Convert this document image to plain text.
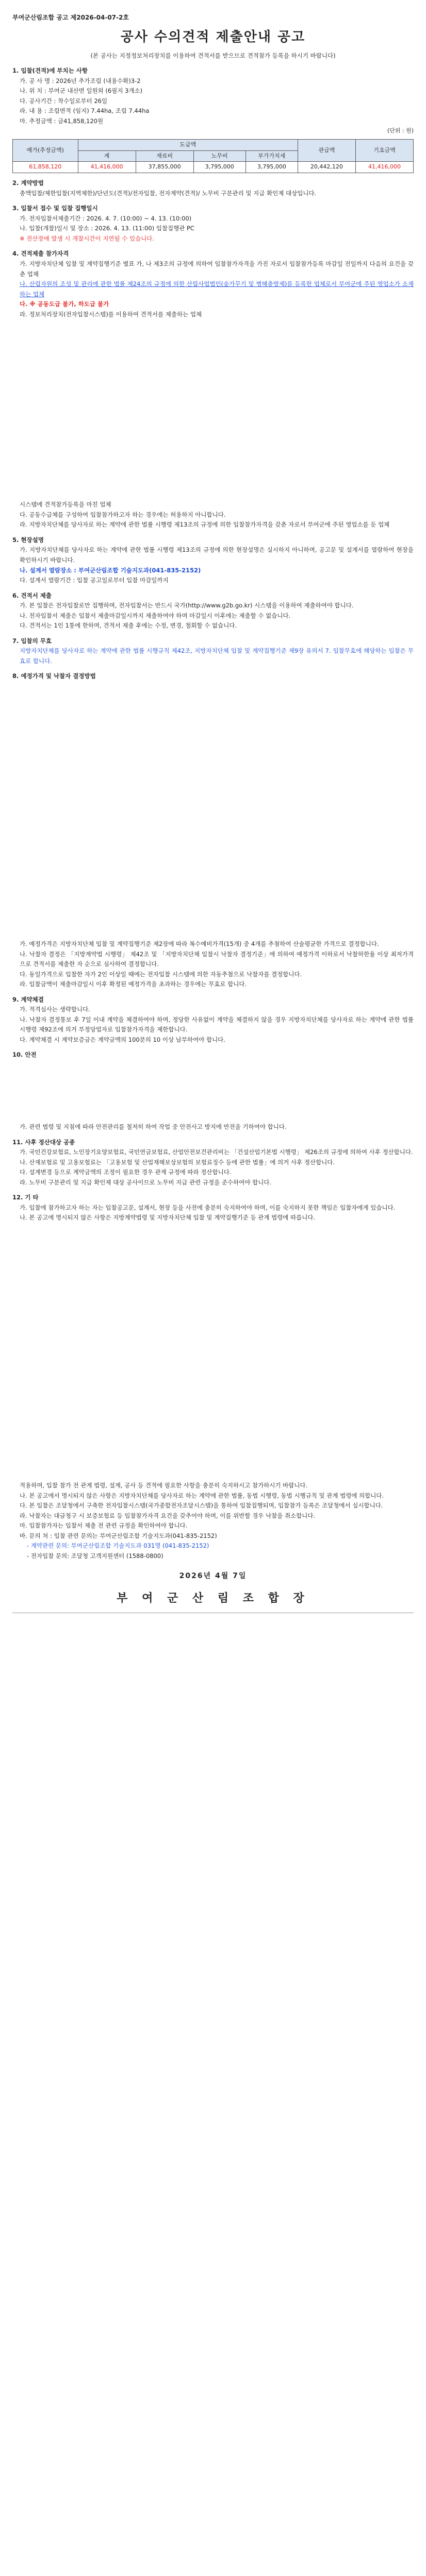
부여군산림조합 공고 제2026-04-07-2호
공사 수의견적 제출안내 공고
(본 공사는 지정정보처리장치를 이용하여 견적서를 받으므로 견적참가 등록을 하시기 바랍니다)
1. 입찰(견적)에 부치는 사항
가. 공 사 명 : 2026년 추가조림 (내용수확)3-2
나. 위 치 : 부여군 내산면 일원외 (6필지 3개소)
다. 공사기간 : 착수일로부터 26일
라. 내 용 : 조림면적 (임지) 7.44ha, 조림 7.44ha
마. 추정금액 : 금41,858,120원
(단위 : 원)
예가(추정금액)	도급액				관급액	기초금액
	계	재료비	노무비	부가가치세		
61,858,120	41,416,000	37,855,000	3,795,000	3,795,000	20,442,120	41,416,000
2. 계약방법
총액입찰/제한입찰(지역제한)/단년도(견적)/전자입찰, 전자계약(견적)/ 노무비 구분관리 및 지급 확인제 대상입니다.
3. 입찰서 접수 및 입찰 집행일시
가. 전자입찰서제출기간 : 2026. 4. 7. (10:00) ~ 4. 13. (10:00)
나. 입찰(개찰)일시 및 장소 : 2026. 4. 13. (11:00) 입찰집행관 PC
※ 전산장애 발생 시 개찰시간이 지연될 수 있습니다.
4. 견적제출 참가자격
가. 지방자치단체 입찰 및 계약집행기준 별표 가, 나 제3조의 규정에 의하여 입찰참가자격을 가진 자로서 입찰참가등록 마감일 전일까지 다음의 요건을 갖춘 업체
나. 산림자원의 조성 및 관리에 관한 법률 제24조의 규정에 의한 산림사업법인(숲가꾸기 및 병해충방제)를 등록한 업체로서 부여군에 주된 영업소가 소재하는 업체
다. ※ 공동도급 불가, 하도급 불가
라. 정보처리장치(전자입찰시스템)를 이용하여 견적서를 제출하는 업체
시스템에 견적참가등록을 마친 업체
다. 공동수급체를 구성하여 입찰참가하고자 하는 경우에는 허용하지 아니합니다.
라. 지방자치단체를 당사자로 하는 계약에 관한 법률 시행령 제13조의 규정에 의한 입찰참가자격을 갖춘 자로서 부여군에 주된 영업소를 둔 업체
5. 현장설명
가. 지방자치단체를 당사자로 하는 계약에 관한 법률 시행령 제13조의 규정에 의한 현장설명은 실시하지 아니하며, 공고문 및 설계서를 열람하여 현장을 확인하시기 바랍니다.
나. 설계서 열람장소 : 부여군산림조합 기술지도과(041-835-2152)
다. 설계서 열람기간 : 입찰 공고일로부터 입찰 마감일까지
6. 견적서 제출
가. 본 입찰은 전자입찰로만 집행하며, 전자입찰서는 반드시 국가(http://www.g2b.go.kr) 시스템을 이용하여 제출하여야 합니다.
나. 전자입찰서 제출은 입찰서 제출마감일시까지 제출하여야 하며 마감일시 이후에는 제출할 수 없습니다.
다. 견적서는 1인 1통에 한하며, 견적서 제출 후에는 수정, 변경, 철회할 수 없습니다.
7. 입찰의 무효
지방자치단체를 당사자로 하는 계약에 관한 법률 시행규칙 제42조, 지방자치단체 입찰 및 계약집행기준 제9장 유의서 7. 입찰무효에 해당하는 입찰은 무효로 합니다.
8. 예정가격 및 낙찰자 결정방법
가. 예정가격은 지방자치단체 입찰 및 계약집행기준 제2장에 따라 복수예비가격(15개) 중 4개를 추첨하여 산술평균한 가격으로 결정합니다.
나. 낙찰자 결정은 「지방계약법 시행령」 제42조 및 「지방자치단체 입찰시 낙찰자 결정기준」에 의하여 예정가격 이하로서 낙찰하한율 이상 최저가격으로 견적서를 제출한 자 순으로 심사하여 결정합니다.
다. 동일가격으로 입찰한 자가 2인 이상일 때에는 전자입찰 시스템에 의한 자동추첨으로 낙찰자를 결정합니다.
라. 입찰금액이 제출마감일시 이후 확정된 예정가격을 초과하는 경우에는 무효로 합니다.
9. 계약체결
가. 적격심사는 생략합니다.
나. 낙찰자 결정통보 후 7일 이내 계약을 체결하여야 하며, 정당한 사유없이 계약을 체결하지 않을 경우 지방자치단체를 당사자로 하는 계약에 관한 법률 시행령 제92조에 의거 부정당업자로 입찰참가자격을 제한합니다.
다. 계약체결 시 계약보증금은 계약금액의 100분의 10 이상 납부하여야 합니다.
10. 안전
가. 관련 법령 및 지침에 따라 안전관리를 철저히 하여 작업 중 안전사고 방지에 만전을 기하여야 합니다.
11. 사후 정산대상 공종
가. 국민건강보험료, 노인장기요양보험료, 국민연금보험료, 산업안전보건관리비는 「건설산업기본법 시행령」 제26조의 규정에 의하여 사후 정산합니다.
나. 산재보험료 및 고용보험료는 「고용보험 및 산업재해보상보험의 보험료징수 등에 관한 법률」에 의거 사후 정산합니다.
다. 설계변경 등으로 계약금액의 조정이 필요한 경우 관계 규정에 따라 정산합니다.
라. 노무비 구분관리 및 지급 확인제 대상 공사이므로 노무비 지급 관련 규정을 준수하여야 합니다.
12. 기 타
가. 입찰에 참가하고자 하는 자는 입찰공고문, 설계서, 현장 등을 사전에 충분히 숙지하여야 하며, 이를 숙지하지 못한 책임은 입찰자에게 있습니다.
나. 본 공고에 명시되지 않은 사항은 지방계약법령 및 지방자치단체 입찰 및 계약집행기준 등 관계 법령에 따릅니다.
적용하며, 입찰 참가 전 관계 법령, 설계, 공사 등 견적에 필요한 사항을 충분히 숙지하시고 참가하시기 바랍니다.
나. 본 공고에서 명시되지 않은 사항은 지방자치단체를 당사자로 하는 계약에 관한 법률, 동법 시행령, 동법 시행규칙 및 관계 법령에 의합니다.
다. 본 입찰은 조달청에서 구축한 전자입찰시스템(국가종합전자조달시스템)을 통하여 입찰집행되며, 입찰참가 등록은 조달청에서 실시합니다.
라. 낙찰자는 대금청구 시 보증보험료 등 입찰참가자격 요건을 갖추어야 하며, 이를 위반할 경우 낙찰을 취소합니다.
마. 입찰참가자는 입찰서 제출 전 관련 규정을 확인하여야 합니다.
바. 문의 처 : 입찰 관련 문의는 부여군산림조합 기술지도과(041-835-2152)
- 계약관련 문의: 부여군산림조합 기술지도과 031명 (041-835-2152)
- 전자입찰 문의: 조달청 고객지원센터 (1588-0800)
2026년 4월 7일
부 여 군 산 림 조 합 장
